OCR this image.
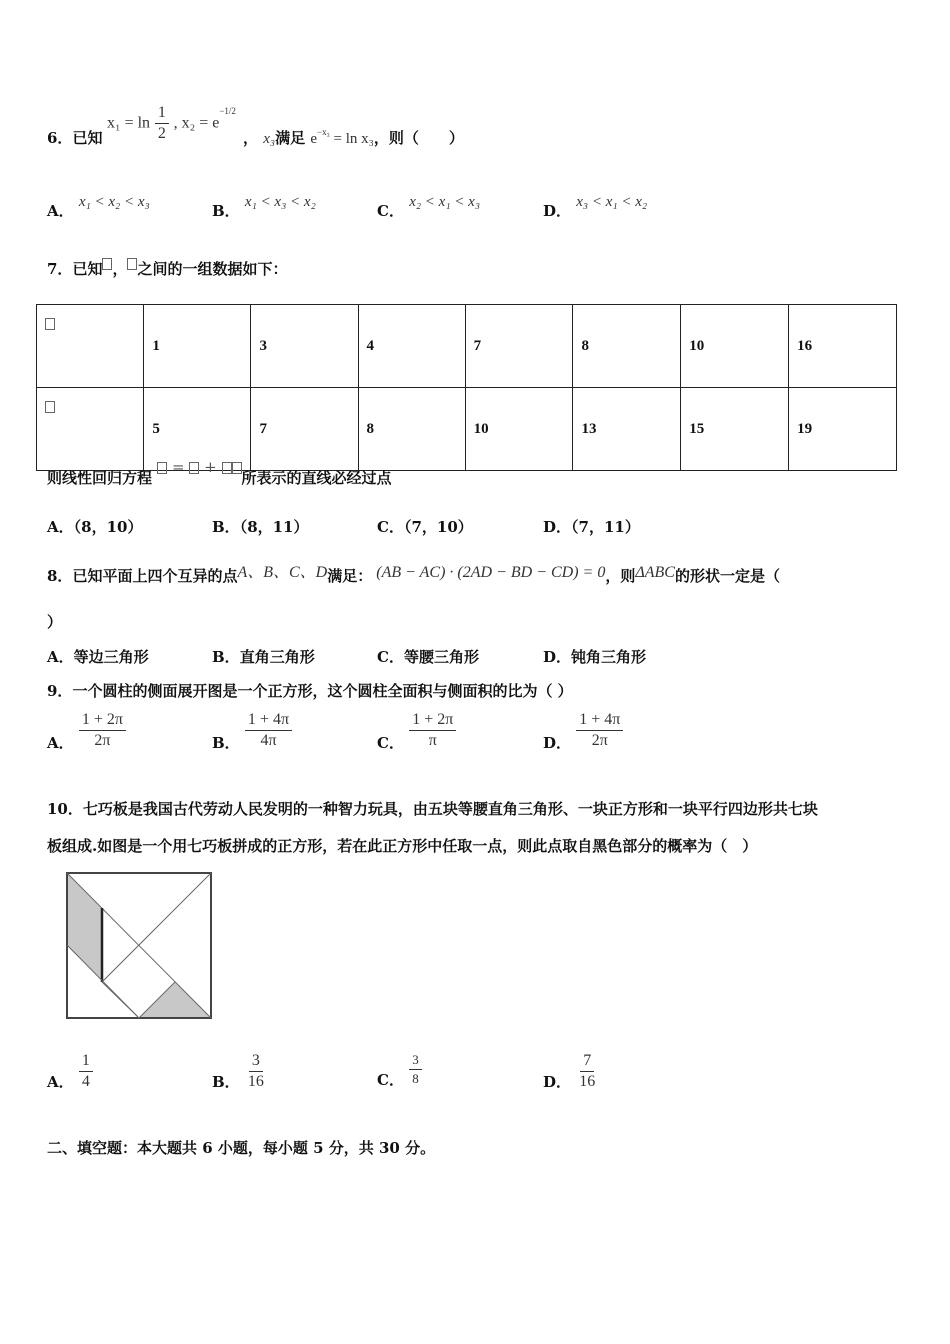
6．已知
$x_1 = \ln \frac{1}{2}$ , $x_2 = e^{-1/2}$
， x₃满足 $e^{-x_3} = \ln x_3$，则（　　）
A． x₁ < x₂ < x₃	B． x₁ < x₃ < x₂	C． x₂ < x₁ < x₃	D． x₃ < x₁ < x₂
7．已知 ， 之间的一组数据如下：
	1	3	4	7	8	10	16
	5	7	8	10	13	15	19
则线性回归方程  = + 所表示的直线必经过点
A．（8，10）	B．（8，11）	C．（7，10）	D．（7，11）
8．已知平面上四个互异的点A、B、C、D满足： (AB − AC) · (2AD − BD − CD) = 0，则ΔABC的形状一定是（
）
A．等边三角形	B．直角三角形	C．等腰三角形	D．钝角三角形
9．一个圆柱的侧面展开图是一个正方形，这个圆柱全面积与侧面积的比为（ ）
A． $\frac{1 + 2\pi}{2\pi}$	B． $\frac{1 + 4\pi}{4\pi}$	C． $\frac{1 + 2\pi}{\pi}$	D． $\frac{1 + 4\pi}{2\pi}$
10．七巧板是我国古代劳动人民发明的一种智力玩具，由五块等腰直角三角形、一块正方形和一块平行四边形共七块
板组成.如图是一个用七巧板拼成的正方形，若在此正方形中任取一点，则此点取自黑色部分的概率为（　）
A． $\frac{1}{4}$	B． $\frac{3}{16}$	C． $\frac{3}{8}$	D． $\frac{7}{16}$
二、填空题：本大题共 6 小题，每小题 5 分，共 30 分。
